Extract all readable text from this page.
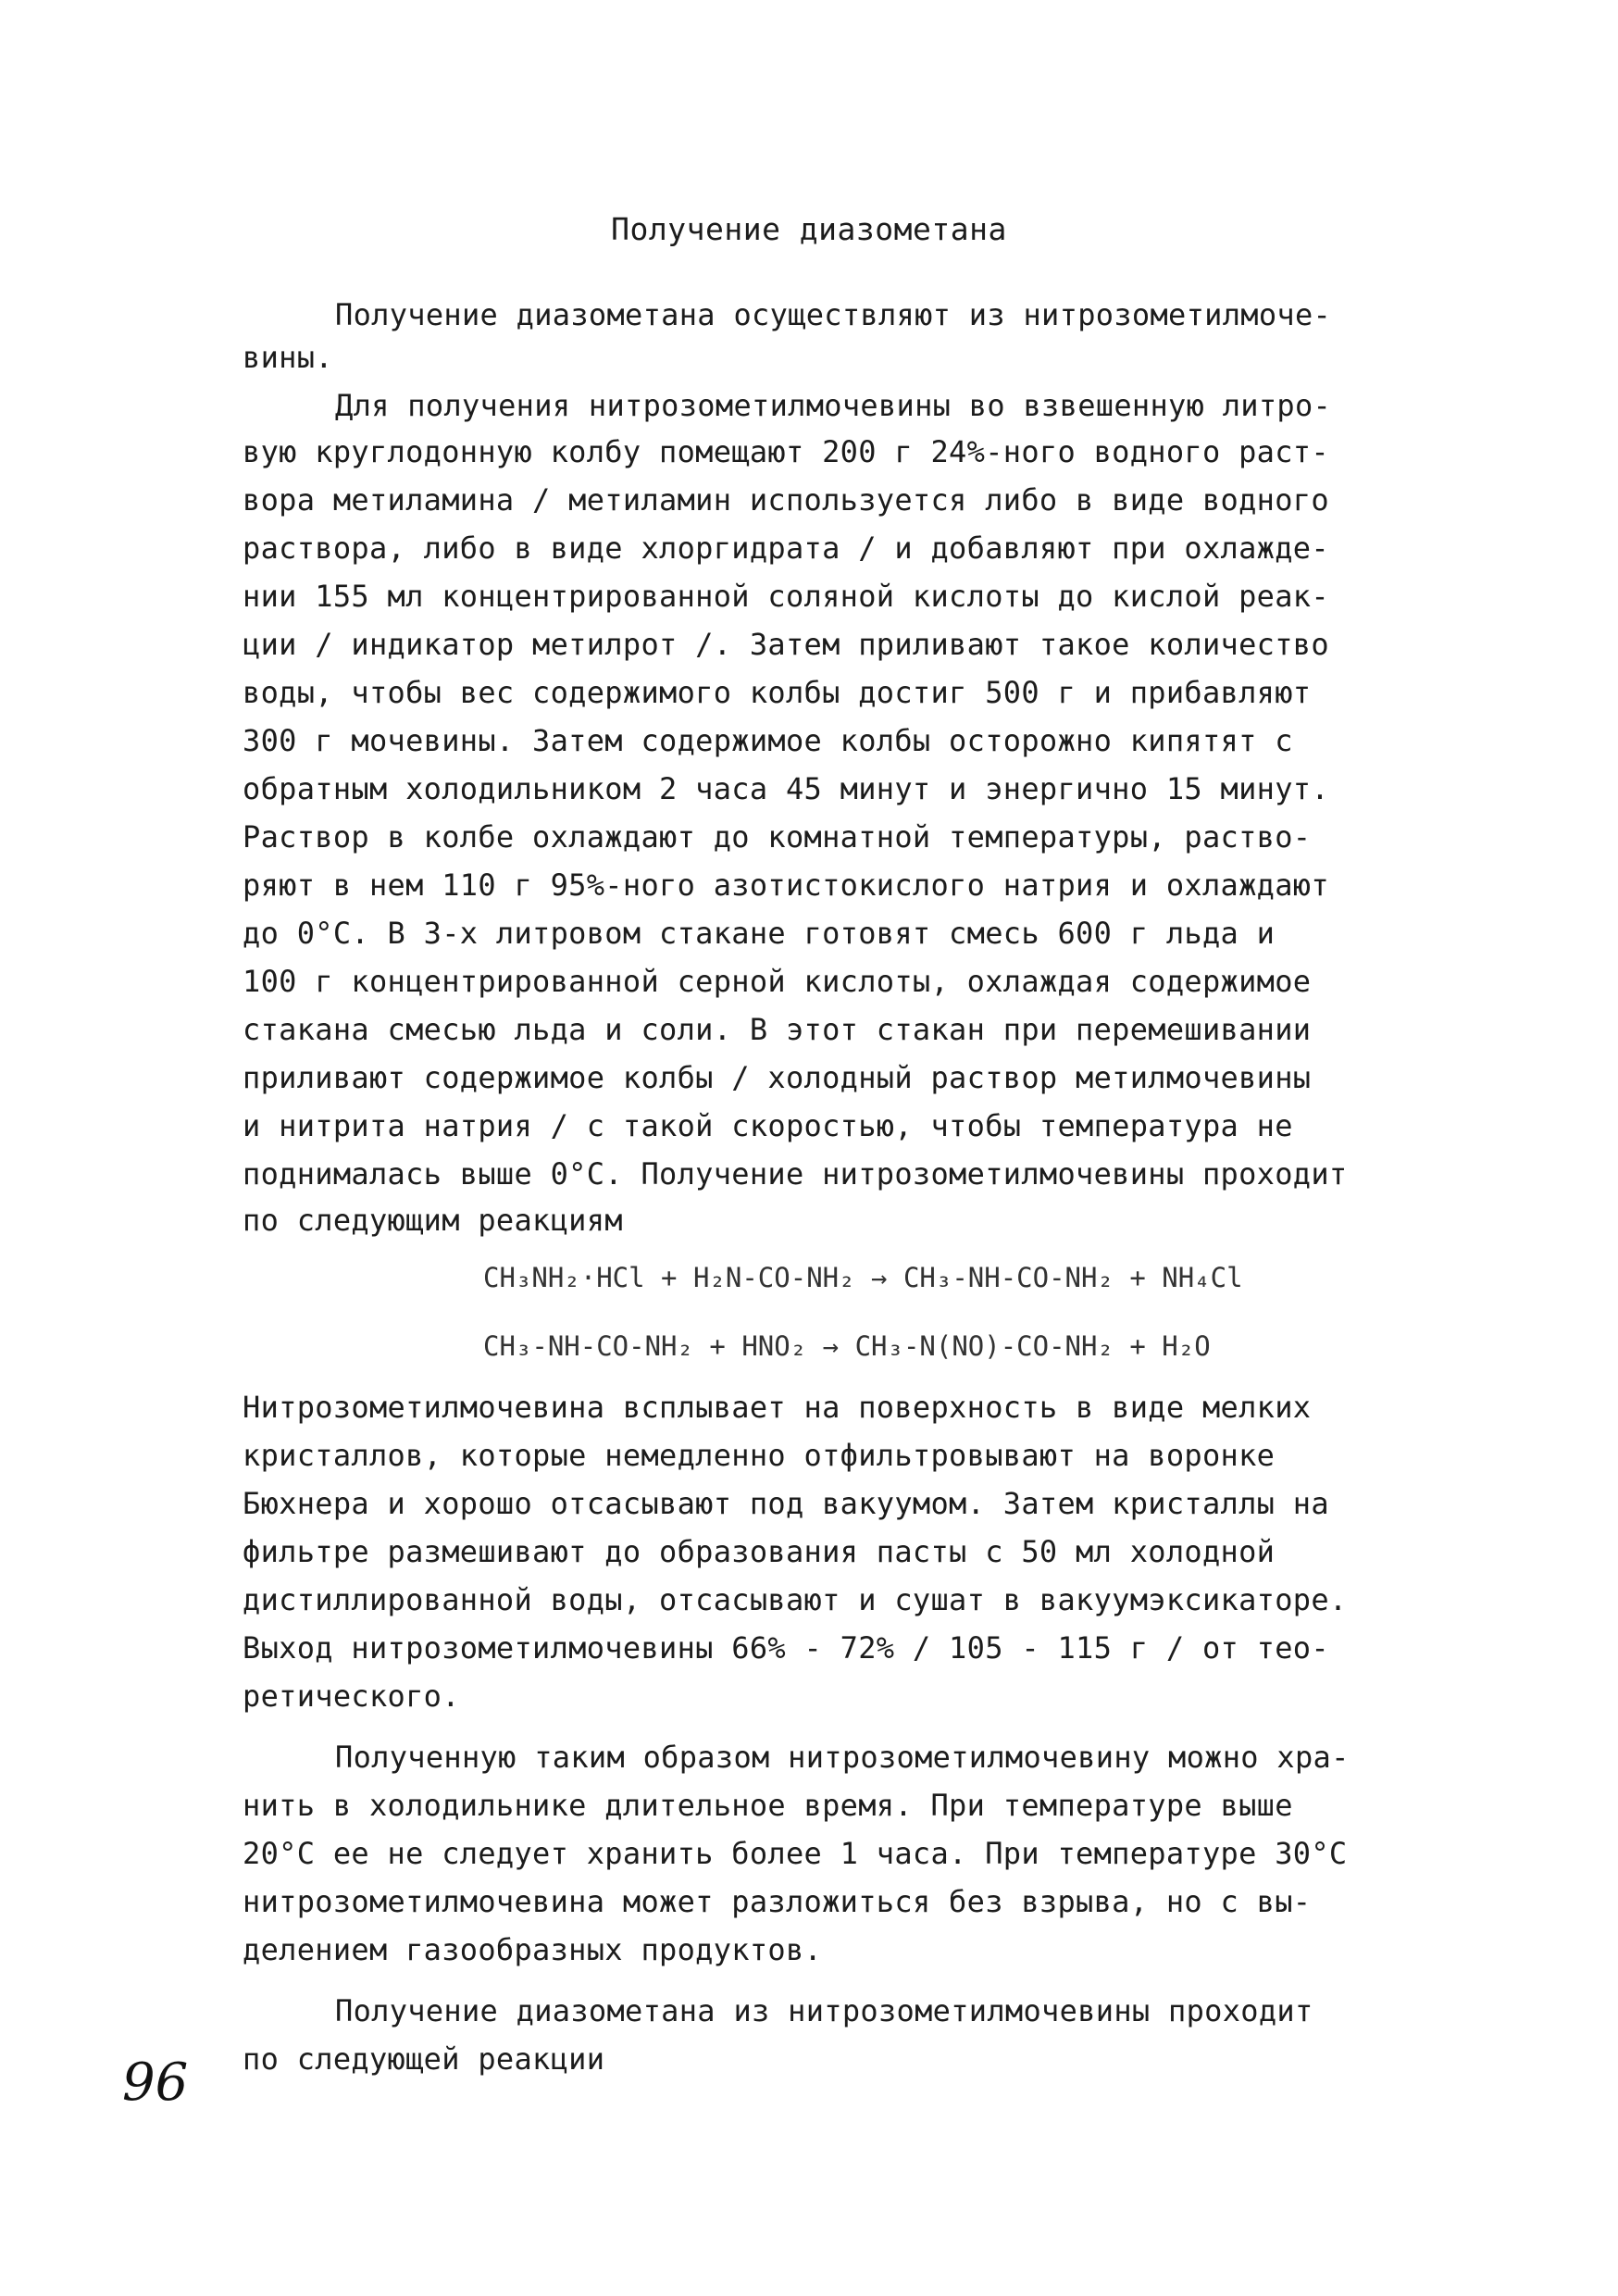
Получение диазометана
Получение диазометана осуществляют из нитрозометилмоче-
вины.
Для получения нитрозометилмочевины во взвешенную литро-
вую круглодонную колбу помещают 200 г 24%-ного водного раст-
вора метиламина / метиламин используется либо в виде водного
раствора, либо в виде хлоргидрата / и добавляют при охлажде-
нии 155 мл концентрированной соляной кислоты до кислой реак-
ции / индикатор метилрот /. Затем приливают такое количество
воды, чтобы вес содержимого колбы достиг 500 г и прибавляют
300 г мочевины. Затем содержимое колбы осторожно кипятят с
обратным холодильником 2 часа 45 минут и энергично 15 минут.
Раствор в колбе охлаждают до комнатной температуры, раство-
ряют в нем 110 г 95%-ного азотистокислого натрия и охлаждают
до 0°С. В 3-х литровом стакане готовят смесь 600 г льда и
100 г концентрированной серной кислоты, охлаждая содержимое
стакана смесью льда и соли. В этот стакан при перемешивании
приливают содержимое колбы / холодный раствор метилмочевины
и нитрита натрия / с такой скоростью, чтобы температура не
поднималась выше 0°С. Получение нитрозометилмочевины проходит
по следующим реакциям
CH₃NH₂·HCl + H₂N-CO-NH₂ → CH₃-NH-CO-NH₂ + NH₄Cl
CH₃-NH-CO-NH₂ + HNO₂ → CH₃-N(NO)-CO-NH₂ + H₂O
Нитрозометилмочевина всплывает на поверхность в виде мелких
кристаллов, которые немедленно отфильтровывают на воронке
Бюхнера и хорошо отсасывают под вакуумом. Затем кристаллы на
фильтре размешивают до образования пасты с 50 мл холодной
дистиллированной воды, отсасывают и сушат в вакуумэксикаторе.
Выход нитрозометилмочевины 66% - 72% / 105 - 115 г / от тео-
ретического.
Полученную таким образом нитрозометилмочевину можно хра-
нить в холодильнике длительное время. При температуре выше
20°С ее не следует хранить более 1 часа. При температуре 30°С
нитрозометилмочевина может разложиться без взрыва, но с вы-
делением газообразных продуктов.
Получение диазометана из нитрозометилмочевины проходит
по следующей реакции
96
